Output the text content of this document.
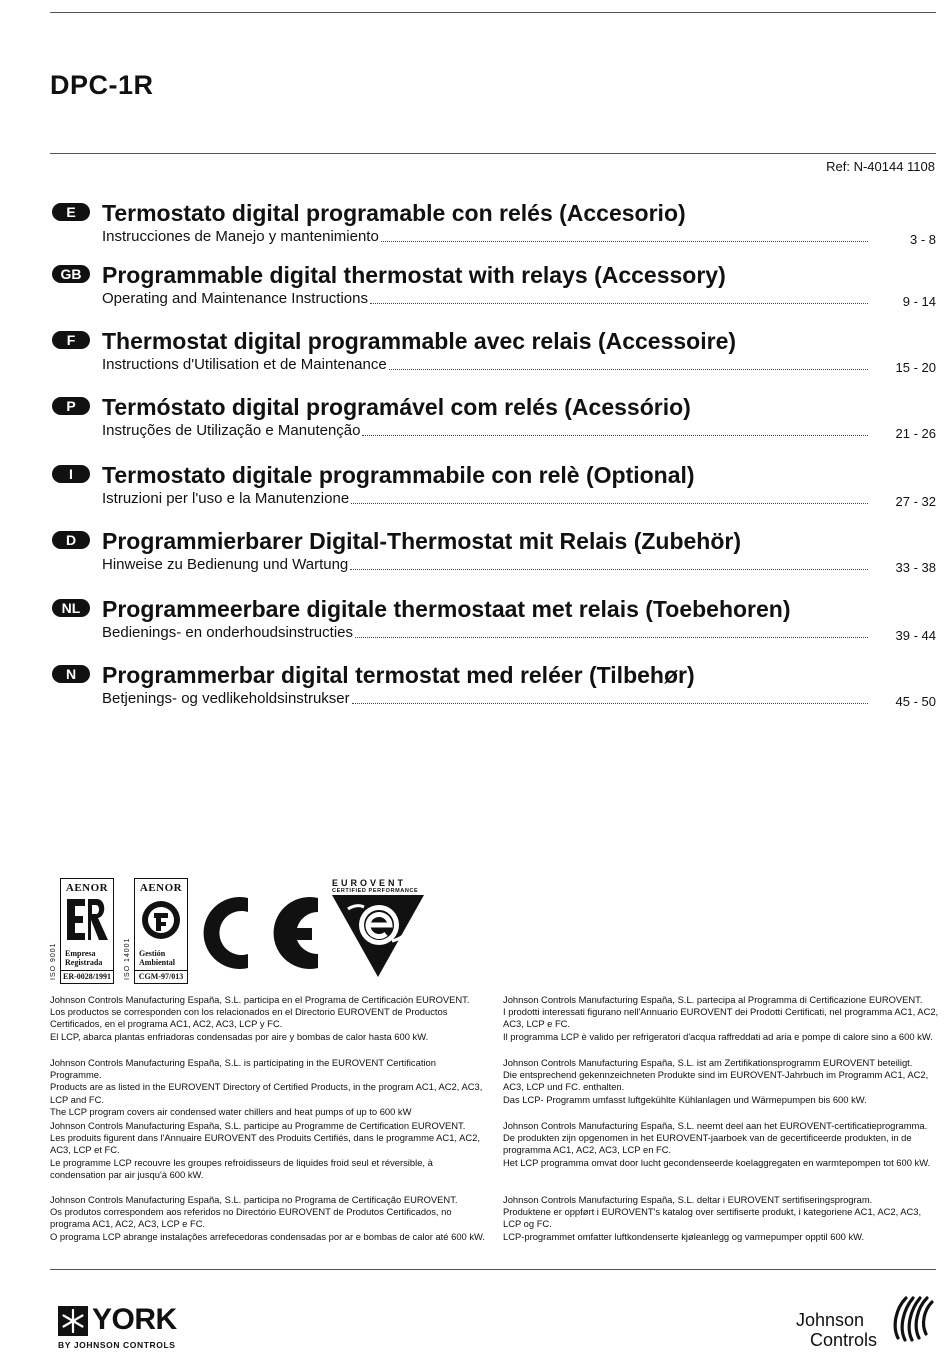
DPC-1R
Ref: N-40144 1108
E	Termostato digital programable con relés (Accesorio)
Instrucciones de Manejo y mantenimiento	3 - 8
GB Programmable digital thermostat with relays (Accessory)
Operating and Maintenance Instructions	9 - 14
F	Thermostat digital programmable avec relais (Accessoire)
Instructions d'Utilisation et de Maintenance	15 - 20
P	Termóstato digital programável com relés (Acessório)
Instruções de Utilização e Manutenção	21 - 26
I	Termostato digitale programmabile con relè (Optional)
Istruzioni per l'uso e la Manutenzione	27 - 32
D	Programmierbarer Digital-Thermostat mit Relais (Zubehör)
Hinweise zu Bedienung und Wartung	33 - 38
NL Programmeerbare digitale thermostaat met relais (Toebehoren)
Bedienings- en onderhoudsinstructies	39 - 44
N	Programmerbar digital termostat med reléer (Tilbehør)
Betjenings- og vedlikeholdsinstrukser	45 - 50
ISO 9001
AENOR
Empresa
Registrada
ER-0028/1991 ISO 14001
AENOR
Gestión
Ambiental
CGM-97/013
EUROVENT
CERTIFIED PERFORMANCE

Johnson Controls Manufacturing España, S.L. participa en el Programa de Certificación EUROVENT.

Los productos se corresponden con los relacionados en el Directorio EUROVENT de Productos Certificados, en el programa AC1, AC2, AC3, LCP y FC.

El LCP, abarca plantas enfriadoras condensadas por aire y bombas de calor hasta 600 kW.

Johnson Controls Manufacturing España, S.L. is participating in the EUROVENT Certification Programme.

Products are as listed in the EUROVENT Directory of Certified Products, in the program AC1, AC2, AC3, LCP and FC.

The LCP program covers air condensed water chillers and heat pumps of up to 600 kW

Johnson Controls Manufacturing España, S.L. participe au Programme de Certification EUROVENT.

Les produits figurent dans l'Annuaire EUROVENT des Produits Certifiés, dans le programme AC1, AC2, AC3, LCP et FC.

Le programme LCP recouvre les groupes refroidisseurs de liquides froid seul et réversible, à condensation par air jusqu'à 600 kW.

Johnson Controls Manufacturing España, S.L. participa no Programa de Certificação EUROVENT.

Os produtos correspondem aos referidos no Directório EUROVENT de Produtos Certificados, no programa AC1, AC2, AC3, LCP e FC.

O programa LCP abrange instalações arrefecedoras condensadas por ar e bombas de calor até 600 kW.

Johnson Controls Manufacturing España, S.L. partecipa al Programma di Certificazione EUROVENT.

I prodotti interessati figurano nell'Annuario EUROVENT dei Prodotti Certificati, nel programma AC1, AC2, AC3, LCP e FC.

Il programma LCP è valido per refrigeratori d'acqua raffreddati ad aria e pompe di calore sino a 600 kW.

Johnson Controls Manufacturing España, S.L. ist am Zertifikationsprogramm EUROVENT beteiligt.

Die entsprechend gekennzeichneten Produkte sind im EUROVENT-Jahrbuch im Programm AC1, AC2, AC3, LCP und FC. enthalten.

Das LCP- Programm umfasst luftgekühlte Kühlanlagen und Wärmepumpen bis 600 kW.

Johnson Controls Manufacturing España, S.L. neemt deel aan het EUROVENT-certificatieprogramma.

De produkten zijn opgenomen in het EUROVENT-jaarboek van de gecertificeerde produkten, in de programma AC1, AC2, AC3, LCP en FC.

Het LCP programma omvat door lucht gecondenseerde koelaggregaten en warmtepompen tot 600 kW.

Johnson Controls Manufacturing España, S.L. deltar i EUROVENT sertifiseringsprogram.

Produktene er oppført i EUROVENT's katalog over sertifiserte produkt, i kategoriene AC1, AC2, AC3, LCP og FC.

LCP-programmet omfatter luftkondenserte kjøleanlegg og varmepumper opptil 600 kW.

YORK
BY JOHNSON CONTROLS
Johnson
Controls
